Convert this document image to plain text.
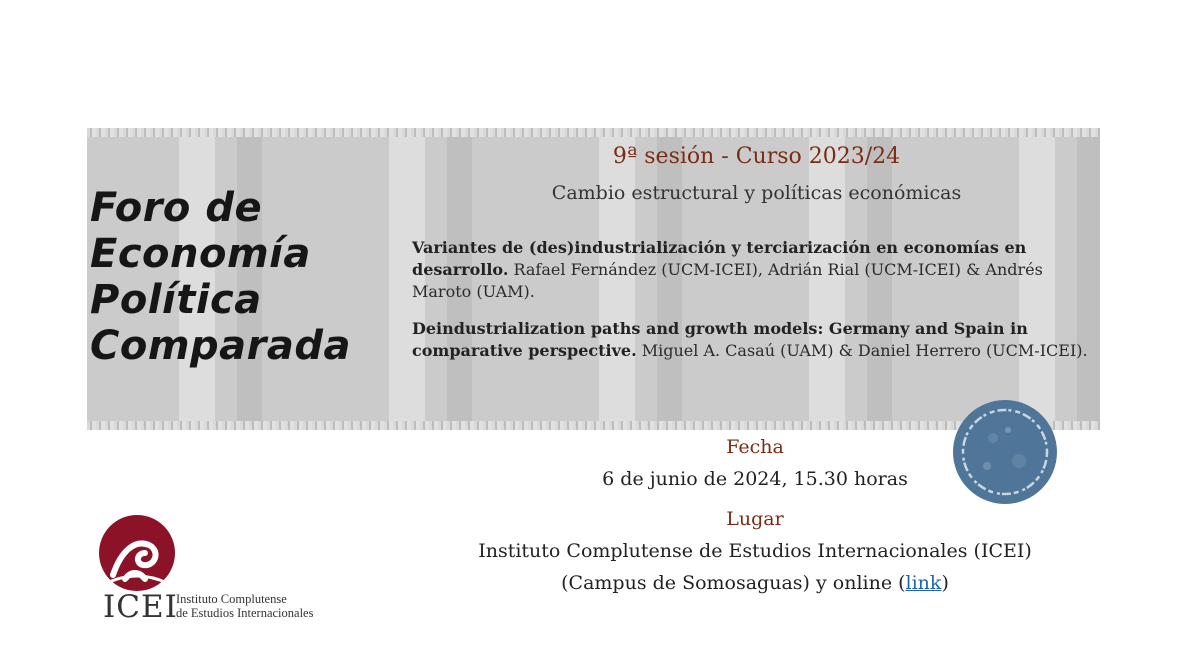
Foro de
Economía
Política
Comparada
9ª sesión - Curso 2023/24
Cambio estructural y políticas económicas
Variantes de (des)industrialización y terciarización en economías en desarrollo. Rafael Fernández (UCM-ICEI), Adrián Rial (UCM-ICEI) & Andrés Maroto (UAM).
Deindustrialization paths and growth models: Germany and Spain in comparative perspective. Miguel A. Casaú (UAM) & Daniel Herrero (UCM-ICEI).
Fecha
6 de junio de 2024, 15.30 horas
Lugar
Instituto Complutense de Estudios Internacionales (ICEI)
(Campus de Somosaguas) y online (link)
ICEI
Instituto Complutense
de Estudios Internacionales
